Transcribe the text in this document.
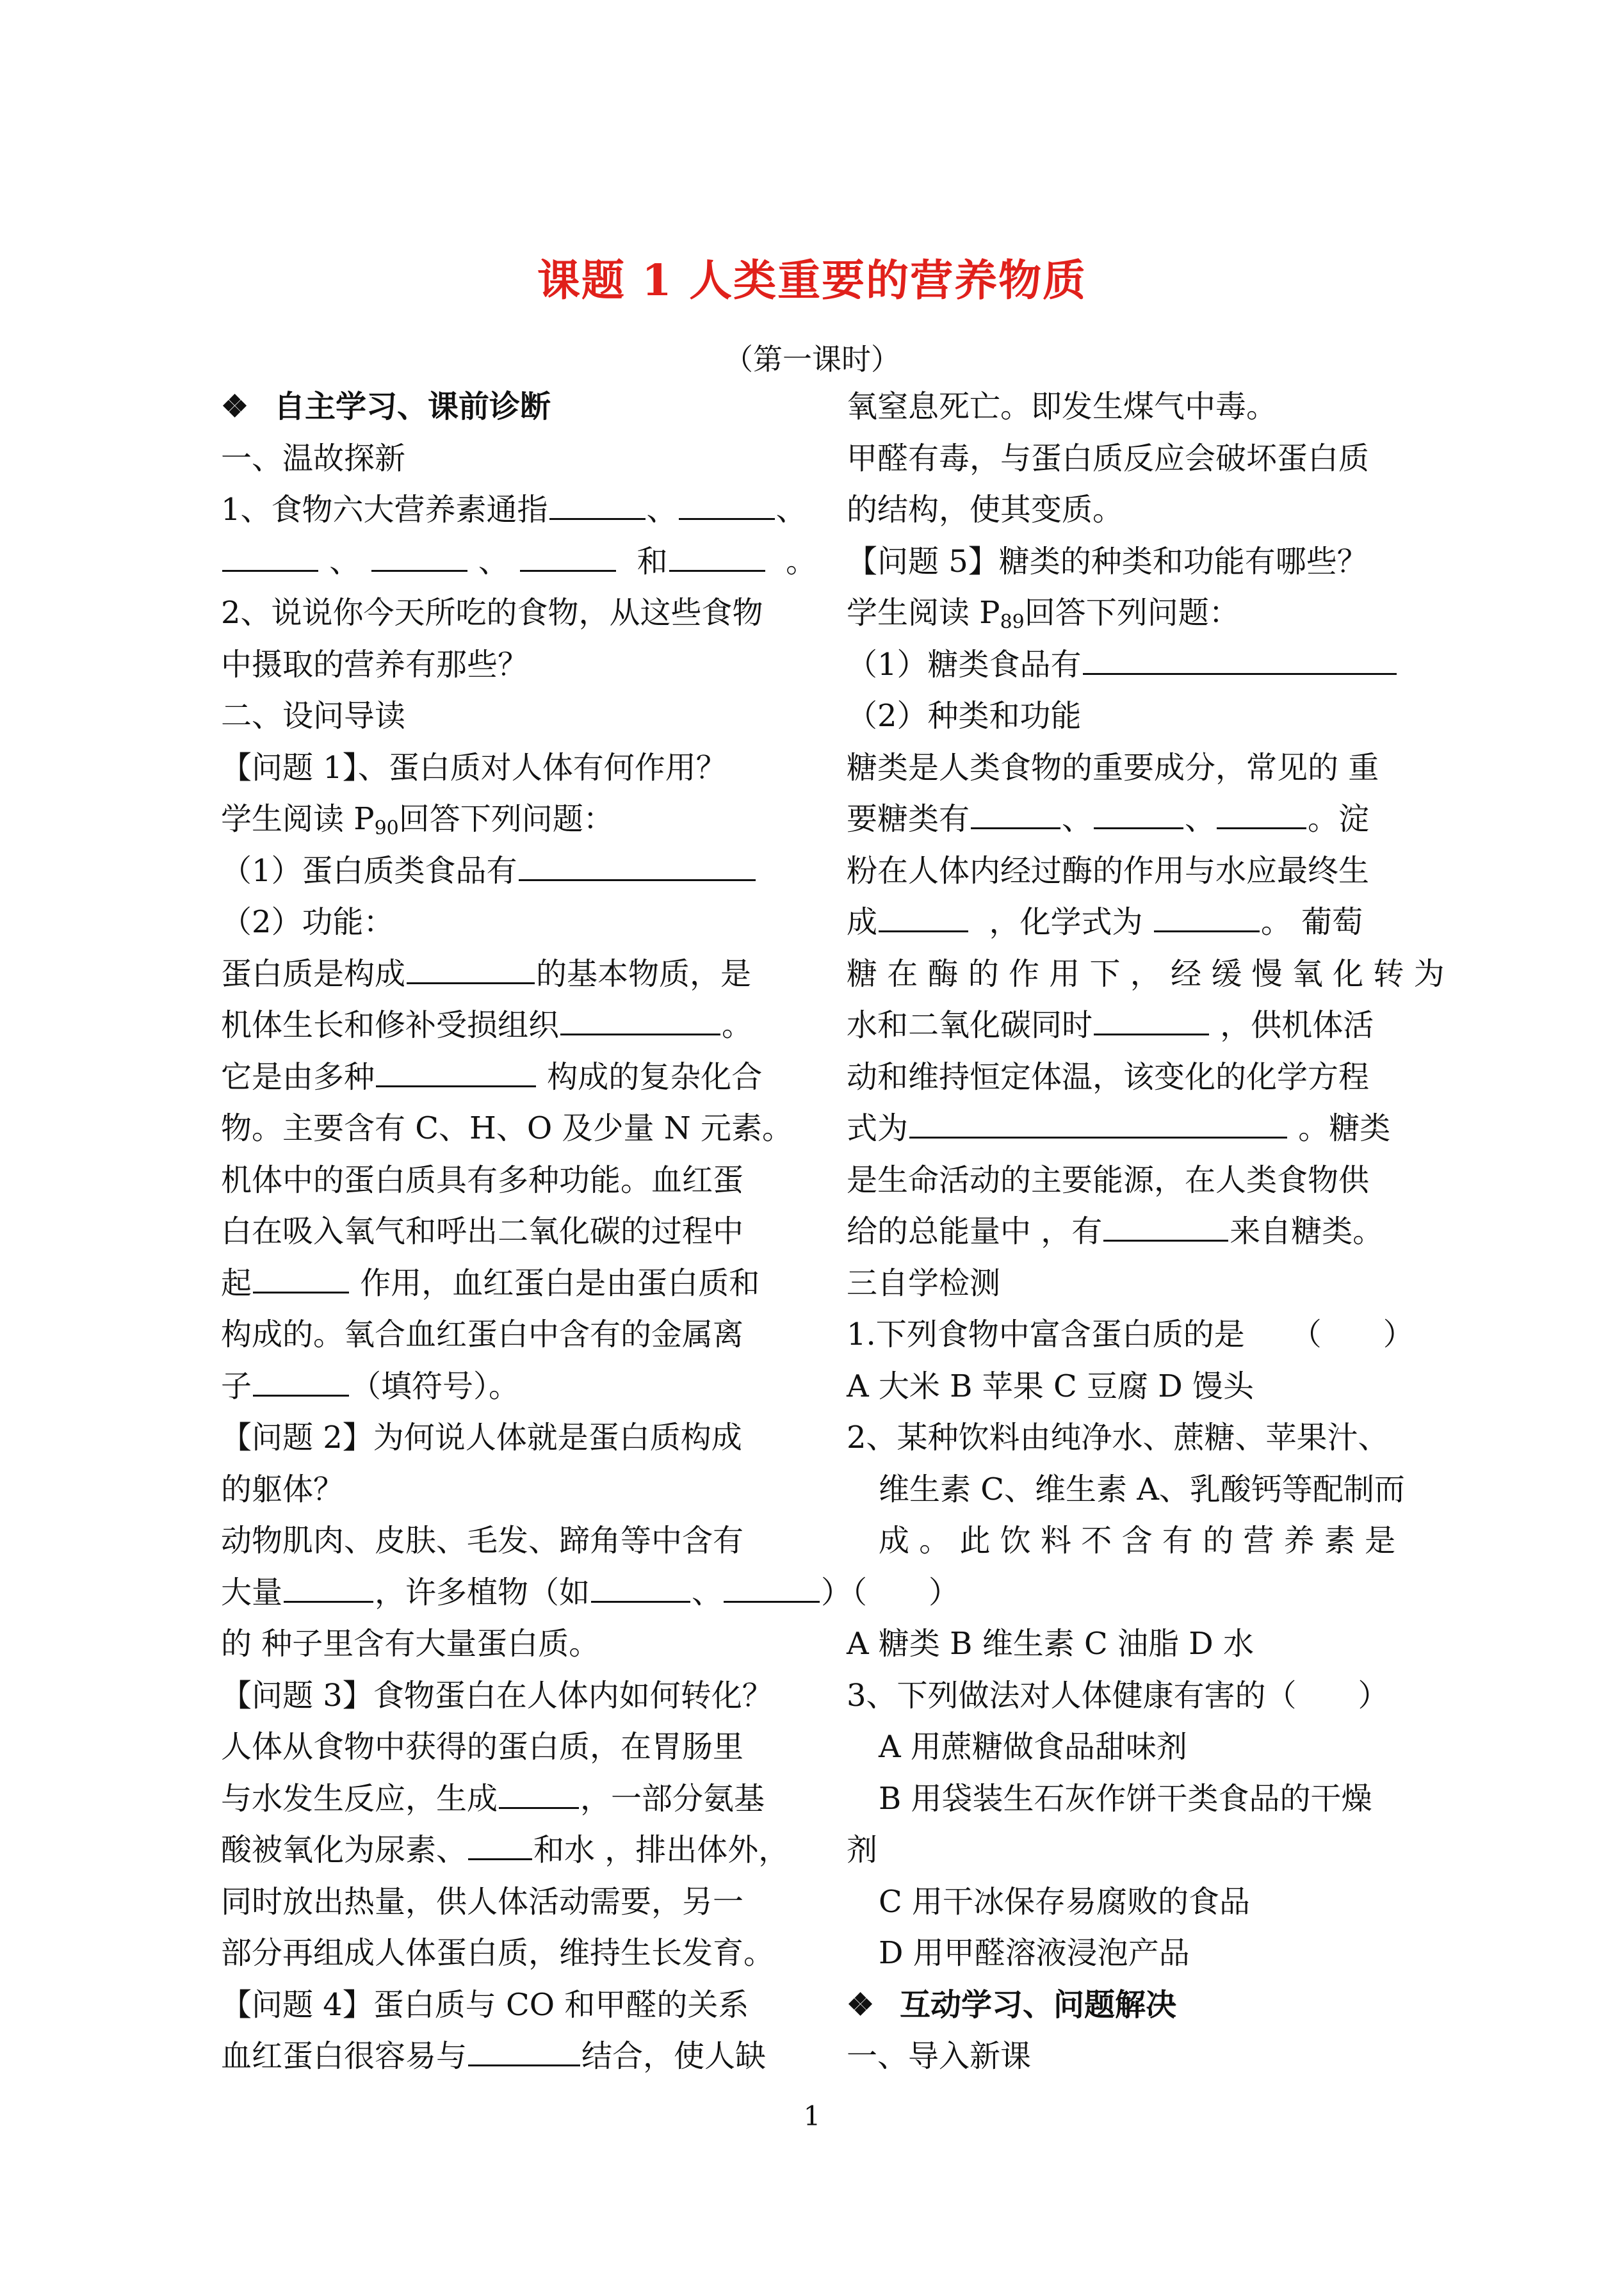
课题 1 人类重要的营养物质
（第一课时）
❖ 自主学习、课前诊断
一、温故探新
1、食物六大营养素通指	、	、
、	、	和	。
2、说说你今天所吃的食物，从这些食物
中摄取的营养有那些？
二、设问导读
【问题 1】、蛋白质对人体有何作用？
学生阅读 $P_{90}$回答下列问题：
（1）蛋白质类食品有
（2）功能：
蛋白质是构成	的基本物质，是
机体生长和修补受损组织	。
它是由多种	构成的复杂化合
物。主要含有 C、H、O 及少量 N 元素。
机体中的蛋白质具有多种功能。血红蛋
白在吸入氧气和呼出二氧化碳的过程中
起	作用，血红蛋白是由蛋白质和
构成的。氧合血红蛋白中含有的金属离
子	（填符号）。
【问题 2】为何说人体就是蛋白质构成
的躯体？
动物肌肉、皮肤、毛发、蹄角等中含有
大量	，许多植物（如	、	）（　　）
的 种子里含有大量蛋白质。
【问题 3】食物蛋白在人体内如何转化？
人体从食物中获得的蛋白质，在胃肠里
与水发生反应，生成	，一部分氨基
酸被氧化为尿素、 和水 ，排出体外，
同时放出热量，供人体活动需要，另一
部分再组成人体蛋白质，维持生长发育。
【问题 4】蛋白质与 CO 和甲醛的关系
血红蛋白很容易与	结合，使人缺
氧窒息死亡。即发生煤气中毒。
甲醛有毒，与蛋白质反应会破坏蛋白质
的结构，使其变质。
【问题 5】糖类的种类和功能有哪些？
学生阅读 $P_{89}$回答下列问题：
（1）糖类食品有
（2）种类和功能
糖类是人类食物的重要成分，常见的 重
要糖类有	、	、	。淀
粉在人体内经过酶的作用与水应最终生
成	，化学式为	。 葡萄
糖 在 酶 的 作 用 下 ， 经 缓 慢 氧 化 转 为
水和二氧化碳同时	，供机体活
动和维持恒定体温，该变化的化学方程
式为	。糖类
是生命活动的主要能源，在人类食物供
给的总能量中 ，有	来自糖类。
三自学检测
1.下列食物中富含蛋白质的是　　（　　）
A 大米 B 苹果 C 豆腐 D 馒头
2、某种饮料由纯净水、蔗糖、苹果汁、
维生素 C、维生素 A、乳酸钙等配制而
成 。 此 饮 料 不 含 有 的 营 养 素 是
A 糖类 B 维生素 C 油脂 D 水
3、下列做法对人体健康有害的（　　）
A 用蔗糖做食品甜味剂
B 用袋装生石灰作饼干类食品的干燥
剂
C 用干冰保存易腐败的食品
D 用甲醛溶液浸泡产品
❖ 互动学习、问题解决
一、导入新课
1
